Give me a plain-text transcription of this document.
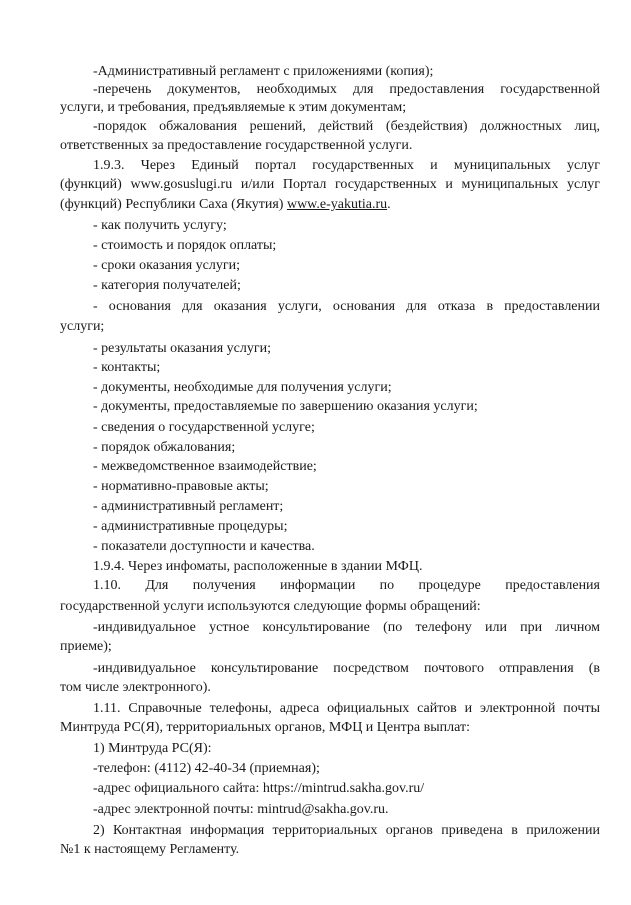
-Административный регламент с приложениями (копия);
-перечень документов, необходимых для предоставления государственной
услуги, и требования, предъявляемые к этим документам;
-порядок обжалования решений, действий (бездействия) должностных лиц,
ответственных за предоставление государственной услуги.
1.9.3. Через Единый портал государственных и муниципальных услуг
(функций) www.gosuslugi.ru и/или Портал государственных и муниципальных услуг
(функций) Республики Саха (Якутия) www.e-yakutia.ru.
- как получить услугу;
- стоимость и порядок оплаты;
- сроки оказания услуги;
- категория получателей;
- основания для оказания услуги, основания для отказа в предоставлении
услуги;
- результаты оказания услуги;
- контакты;
- документы, необходимые для получения услуги;
- документы, предоставляемые по завершению оказания услуги;
- сведения о государственной услуге;
- порядок обжалования;
- межведомственное взаимодействие;
- нормативно-правовые акты;
- административный регламент;
- административные процедуры;
- показатели доступности и качества.
1.9.4. Через инфоматы, расположенные в здании МФЦ.
1.10. Для получения информации по процедуре предоставления
государственной услуги используются следующие формы обращений:
-индивидуальное устное консультирование (по телефону или при личном
приеме);
-индивидуальное консультирование посредством почтового отправления (в
том числе электронного).
1.11. Справочные телефоны, адреса официальных сайтов и электронной почты
Минтруда РС(Я), территориальных органов, МФЦ и Центра выплат:
1) Минтруда РС(Я):
-телефон: (4112) 42-40-34 (приемная);
-адрес официального сайта: https://mintrud.sakha.gov.ru/
-адрес электронной почты: mintrud@sakha.gov.ru.
2) Контактная информация территориальных органов приведена в приложении
№1 к настоящему Регламенту.
